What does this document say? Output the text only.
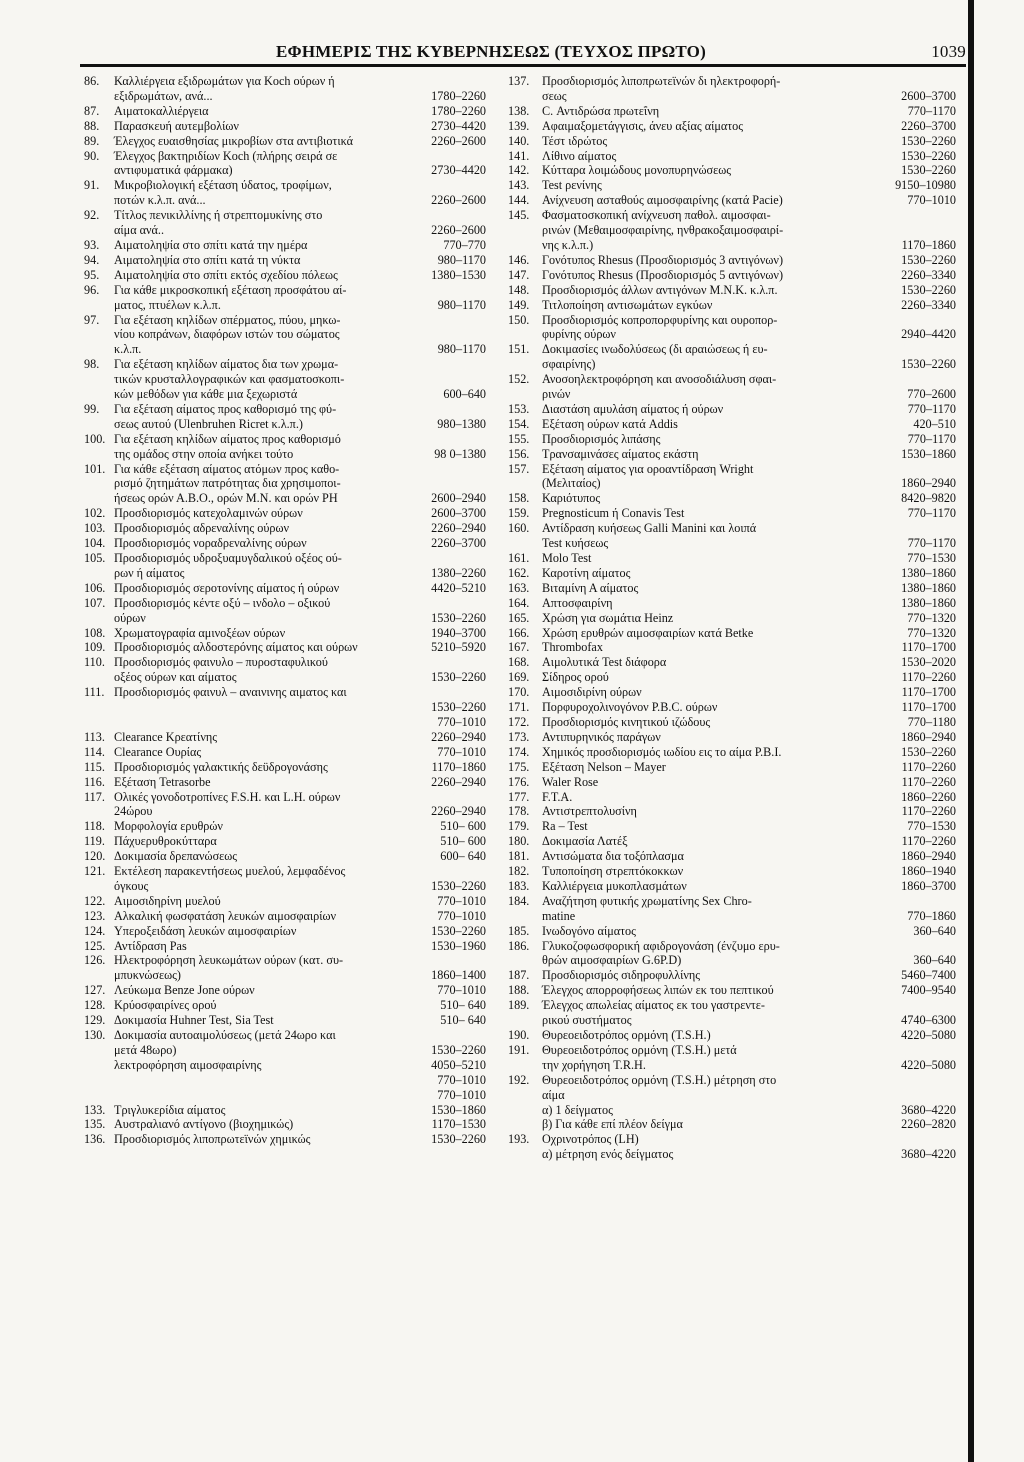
ΕΦΗΜΕΡΙΣ ΤΗΣ ΚΥΒΕΡΝΗΣΕΩΣ (ΤΕΥΧΟΣ ΠΡΩΤΟ)	1039
86.	Καλλιέργεια εξιδρωμάτων για Koch ούρων ή
εξιδρωμάτων, ανά...	1780–2260
87.	Αιματοκαλλιέργεια	1780–2260
88.	Παρασκευή αυτεμβολίων	2730–4420
89.	Έλεγχος ευαισθησίας μικροβίων στα αντιβιοτικά	2260–2600
90.	Έλεγχος βακτηριδίων Koch (πλήρης σειρά σε
αντιφυματικά φάρμακα)	2730–4420
91.	Μικροβιολογική εξέταση ύδατος, τροφίμων,
ποτών κ.λ.π. ανά...	2260–2600
92.	Τίτλος πενικιλλίνης ή στρεπτομυκίνης στο
αίμα ανά..	2260–2600
93.	Αιματοληψία στο σπίτι κατά την ημέρα	770–770
94.	Αιματοληψία στο σπίτι κατά τη νύκτα	980–1170
95.	Αιματοληψία στο σπίτι εκτός σχεδίου πόλεως	1380–1530
96.	Για κάθε μικροσκοπική εξέταση προσφάτου αί-
ματος, πτυέλων κ.λ.π.	980–1170
97.	Για εξέταση κηλίδων σπέρματος, πύου, μηκω-
νίου κοπράνων, διαφόρων ιστών του σώματος
κ.λ.π.	980–1170
98.	Για εξέταση κηλίδων αίματος δια των χρωμα-
τικών κρυσταλλογραφικών και φασματοσκοπι-
κών μεθόδων για κάθε μια ξεχωριστά	600–640
99.	Για εξέταση αίματος προς καθορισμό της φύ-
σεως αυτού (Ulenbruhen Ricret κ.λ.π.)	980–1380
100. Για εξέταση κηλίδων αίματος προς καθορισμό
της ομάδος στην οποία ανήκει τούτο	98 0–1380
101. Για κάθε εξέταση αίματος ατόμων προς καθο-
ρισμό ζητημάτων πατρότητας δια χρησιμοποι-
ήσεως ορών Α.Β.Ο., ορών M.N. και ορών PH	2600–2940
102. Προσδιορισμός κατεχολαμινών ούρων	2600–3700
103. Προσδιορισμός αδρεναλίνης ούρων	2260–2940
104. Προσδιορισμός νοραδρεναλίνης ούρων	2260–3700
105. Προσδιορισμός υδροξυαμυγδαλικού οξέος ού-
ρων ή αίματος	1380–2260
106. Προσδιορισμός σεροτονίνης αίματος ή ούρων	4420–5210
107. Προσδιορισμός κέντε οξύ – ινδολο – οξικού
ούρων	1530–2260
108. Χρωματογραφία αμινοξέων ούρων	1940–3700
109. Προσδιορισμός αλδοστερόνης αίματος και ούρων	5210–5920
110. Προσδιορισμός φαινυλο – πυροσταφυλικού
οξέος ούρων και αίματος	1530–2260
111. Προσδιορισμός φαινυλ – αναινινης αιματος και
1530–2260
770–1010
113. Clearance Κρεατίνης	2260–2940
114. Clearance Ουρίας	770–1010
115. Προσδιορισμός γαλακτικής δεϋδρογονάσης	1170–1860
116. Εξέταση Tetrasorbe	2260–2940
117. Ολικές γονοδοτροπίνες F.S.H. και L.H. ούρων
24ώρου	2260–2940
118. Μορφολογία ερυθρών	510– 600
119. Πάχυερυθροκύτταρα	510– 600
120. Δοκιμασία δρεπανώσεως	600– 640
121. Εκτέλεση παρακεντήσεως μυελού, λεμφαδένος
όγκους	1530–2260
122. Αιμοσιδηρίνη μυελού	770–1010
123. Αλκαλική φωσφατάση λευκών αιμοσφαιρίων	770–1010
124. Υπεροξειδάση λευκών αιμοσφαιρίων	1530–2260
125. Αντίδραση Pas	1530–1960
126. Ηλεκτροφόρηση λευκωμάτων ούρων (κατ. συ-
μπυκνώσεως)	1860–1400
127. Λεύκωμα Benze Jone ούρων	770–1010
128. Κρύοσφαιρίνες ορού	510– 640
129. Δοκιμασία Huhner Test, Sia Test	510– 640
130. Δοκιμασία αυτοαιμολύσεως (μετά 24ωρο και
μετά 48ωρο)	1530–2260
λεκτροφόρηση αιμοσφαιρίνης	4050–5210
770–1010
770–1010
133. Τριγλυκερίδια αίματος	1530–1860
135. Αυστραλιανό αντίγονο (βιοχημικώς)	1170–1530
136. Προσδιορισμός λιποπρωτεϊνών χημικώς	1530–2260
137.	Προσδιορισμός λιποπρωτεϊνών δι ηλεκτροφορή-
σεως	2600–3700
138.	C. Αντιδρώσα πρωτεΐνη	770–1170
139.	Αφαιμαξομετάγγισις, άνευ αξίας αίματος	2260–3700
140.	Τέστ ιδρώτος	1530–2260
141.	Λίθινο αίματος	1530–2260
142.	Κύτταρα λοιμώδους μονοπυρηνώσεως	1530–2260
143.	Test ρενίνης	9150–10980
144.	Ανίχνευση ασταθούς αιμοσφαιρίνης (κατά Pacie)	770–1010
145.	Φασματοσκοπική ανίχνευση παθολ. αιμοσφαι-
ρινών (Μεθαιμοσφαιρίνης, ηνθρακοξαιμοσφαιρί-
νης κ.λ.π.)	1170–1860
146.	Γονότυπος Rhesus (Προσδιορισμός 3 αντιγόνων)	1530–2260
147.	Γονότυπος Rhesus (Προσδιορισμός 5 αντιγόνων)	2260–3340
148.	Προσδιορισμός άλλων αντιγόνων M.N.K. κ.λ.π.	1530–2260
149.	Τιτλοποίηση αντισωμάτων εγκύων	2260–3340
150.	Προσδιορισμός κοπροπορφυρίνης και ουροπορ-
φυρίνης ούρων	2940–4420
151.	Δοκιμασίες ινωδολύσεως (δι αραιώσεως ή ευ-
σφαιρίνης)	1530–2260
152.	Ανοσοηλεκτροφόρηση και ανοσοδιάλυση σφαι-
ρινών	770–2600
153.	Διαστάση αμυλάση αίματος ή ούρων	770–1170
154.	Εξέταση ούρων κατά Addis	420–510
155.	Προσδιορισμός λιπάσης	770–1170
156.	Τρανσαμινάσες αίματος εκάστη	1530–1860
157.	Εξέταση αίματος για οροαντίδραση Wright
(Μελιταίος)	1860–2940
158.	Καριότυπος	8420–9820
159.	Pregnosticum ή Conavis Test	770–1170
160.	Αντίδραση κυήσεως Galli Manini και λοιπά
Test κυήσεως	770–1170
161.	Molo Test	770–1530
162.	Καροτίνη αίματος	1380–1860
163.	Βιταμίνη Α αίματος	1380–1860
164.	Απτοσφαιρίνη	1380–1860
165.	Χρώση για σωμάτια Heinz	770–1320
166.	Χρώση ερυθρών αιμοσφαιρίων κατά Betke	770–1320
167.	Thrombofax	1170–1700
168.	Αιμολυτικά Test διάφορα	1530–2020
169.	Σίδηρος ορού	1170–2260
170.	Αιμοσιδιρίνη ούρων	1170–1700
171.	Πορφυροχολινογόνον P.B.C. ούρων	1170–1700
172.	Προσδιορισμός κινητικού ιζώδους	770–1180
173.	Αντιπυρηνικός παράγων	1860–2940
174.	Χημικός προσδιορισμός ιωδίου εις το αίμα P.B.I.	1530–2260
175.	Εξέταση Nelson – Mayer	1170–2260
176.	Waler Rose	1170–2260
177.	F.T.A.	1860–2260
178.	Αντιστρεπτολυσίνη	1170–2260
179.	Ra – Test	770–1530
180.	Δοκιμασία Λατέξ	1170–2260
181.	Αντισώματα δια τοξόπλασμα	1860–2940
182.	Τυποποίηση στρεπτόκοκκων	1860–1940
183.	Καλλιέργεια μυκοπλασμάτων	1860–3700
184.	Αναζήτηση φυτικής χρωματίνης Sex Chro-
matine	770–1860
185.	Ινωδογόνο αίματος	360–640
186.	Γλυκοζοφωσφορική αφιδρογονάση (ένζυμο ερυ-
θρών αιμοσφαιρίων G.6P.D)	360–640
187.	Προσδιορισμός σιδηροφυλλίνης	5460–7400
188.	Έλεγχος απορροφήσεως λιπών εκ του πεπτικού	7400–9540
189.	Έλεγχος απωλείας αίματος εκ του γαστρεντε-
ρικού συστήματος	4740–6300
190.	Θυρεοειδοτρόπος ορμόνη (T.S.H.)	4220–5080
191.	Θυρεοειδοτρόπος ορμόνη (T.S.H.) μετά
την χορήγηση T.R.H.	4220–5080
192.	Θυρεοειδοτρόπος ορμόνη (T.S.H.) μέτρηση στο
αίμα
α) 1 δείγματος	3680–4220
β) Για κάθε επί πλέον δείγμα	2260–2820
193.	Οχρινοτρόπος (LH)
α) μέτρηση ενός δείγματος	3680–4220
